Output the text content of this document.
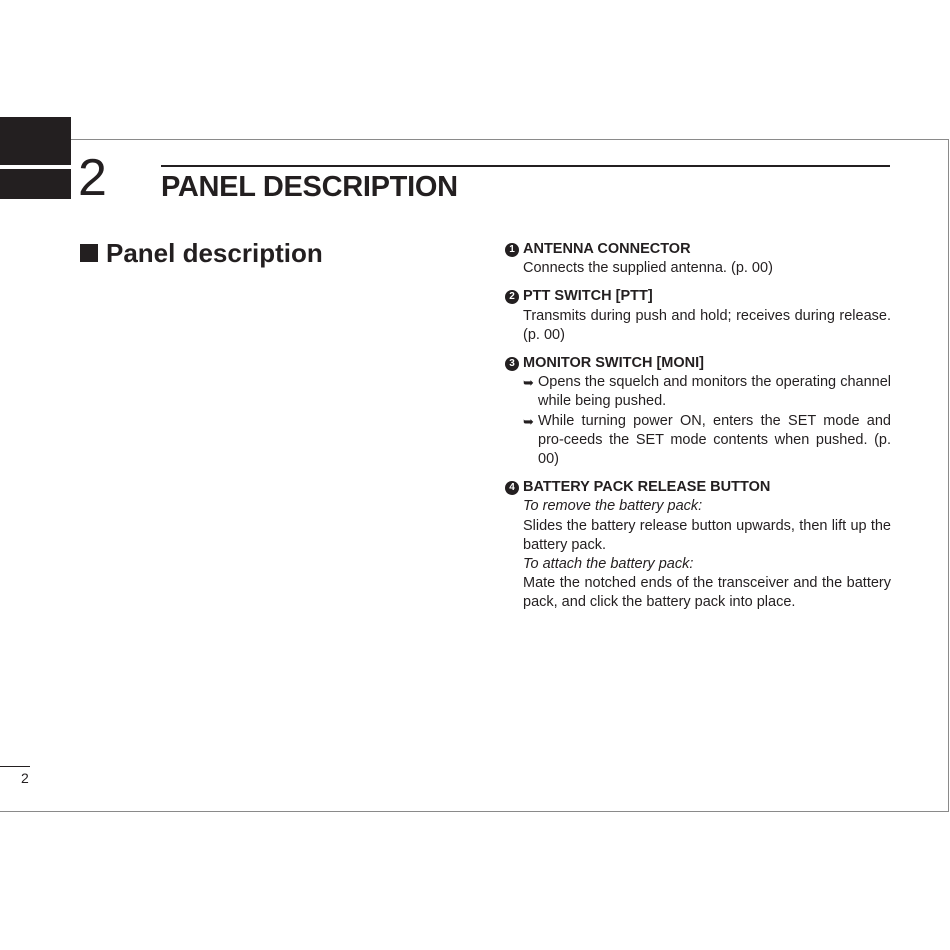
2 PANEL DESCRIPTION
Panel description	1 ANTENNA CONNECTOR
Connects the supplied antenna. (p. 00)
2 PTT SWITCH [PTT]
Transmits during push and hold; receives during release. (p. 00)
3 MONITOR SWITCH [MONI]
➥ Opens the squelch and monitors the operating channel while being pushed.
➥ While turning power ON, enters the SET mode and pro-ceeds the SET mode contents when pushed. (p. 00)
4 BATTERY PACK RELEASE BUTTON
To remove the battery pack:
Slides the battery release button upwards, then lift up the battery pack.
To attach the battery pack:
Mate the notched ends of the transceiver and the battery pack, and click the battery pack into place.
2
